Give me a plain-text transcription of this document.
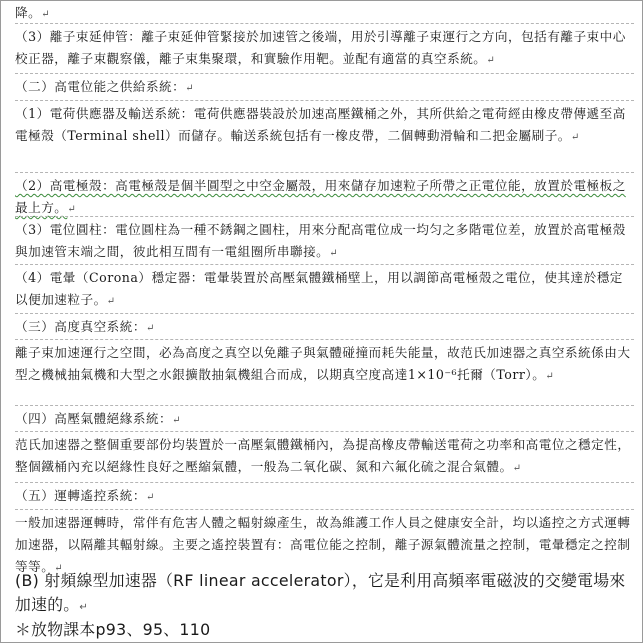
降。↵

（3）離子束延伸管：離子束延伸管緊接於加速管之後端，用於引導離子束運行之方向，包括有離子束中心校正器，離子束觀察儀，離子束集聚環，和實驗作用靶。並配有適當的真空系統。↵

（二）高電位能之供給系統：↵

（1）電荷供應器及輸送系統：電荷供應器裝設於加速高壓鐵桶之外，其所供給之電荷經由橡皮帶傳遞至高電極殼（Terminal shell）而儲存。輸送系統包括有一橡皮帶，二個轉動滑輪和二把金屬刷子。↵

（2）高電極殼：高電極殼是個半圓型之中空金屬殼，用來儲存加速粒子所帶之正電位能，放置於電極板之最上方。↵

（3）電位圓柱：電位圓柱為一種不銹鋼之圓柱，用來分配高電位成一均匀之多階電位差，放置於高電極殼與加速管末端之間，彼此相互間有一電組圈所串聯接。↵

（4）電暈（Corona）穩定器：電暈裝置於高壓氣體鐵桶壁上，用以調節高電極殼之電位，使其達於穩定以便加速粒子。↵

（三）高度真空系統：↵

離子束加速運行之空間，必為高度之真空以免離子與氣體碰撞而耗失能量，故范氏加速器之真空系統係由大型之機械抽氣機和大型之水銀擴散抽氣機組合而成，以期真空度高達1×10⁻⁶托爾（Torr）。↵

（四）高壓氣體絕緣系統：↵

范氏加速器之整個重要部份均裝置於一高壓氣體鐵桶內，為提高橡皮帶輸送電荷之功率和高電位之穩定性，整個鐵桶內充以絕緣性良好之壓縮氣體，一般為二氧化碳、氮和六氟化硫之混合氣體。↵

（五）運轉遙控系統：↵

一般加速器運轉時，常伴有危害人體之輻射線產生，故為維護工作人員之健康安全計，均以遙控之方式運轉加速器，以隔離其輻射線。主要之遙控裝置有：高電位能之控制，離子源氣體流量之控制，電暈穩定之控制等等。↵

(B) 射頻線型加速器（RF linear accelerator），它是利用高頻率電磁波的交變電場來加速的。↵

＊放物課本p93、95、110
